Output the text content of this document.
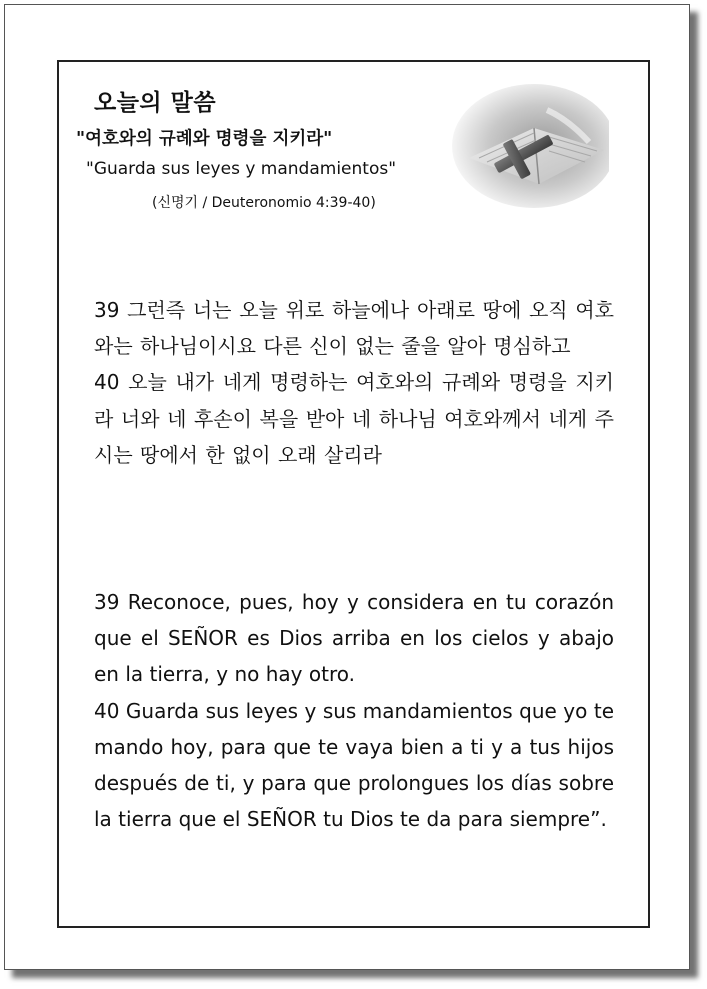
오늘의 말씀
"여호와의 규례와 명령을 지키라"
"Guarda sus leyes y mandamientos"
(신명기 / Deuteronomio 4:39-40)

39 그런즉 너는 오늘 위로 하늘에나 아래로 땅에 오직 여호와는 하나님이시요 다른 신이 없는 줄을 알아 명심하고

40 오늘 내가 네게 명령하는 여호와의 규례와 명령을 지키라 너와 네 후손이 복을 받아 네 하나님 여호와께서 네게 주시는 땅에서 한 없이 오래 살리라

39 Reconoce, pues, hoy y considera en tu corazón que el SEÑOR es Dios arriba en los cielos y abajo en la tierra, y no hay otro.

40 Guarda sus leyes y sus mandamientos que yo te mando hoy, para que te vaya bien a ti y a tus hijos después de ti, y para que prolongues los días sobre la tierra que el SEÑOR tu Dios te da para siempre”.
